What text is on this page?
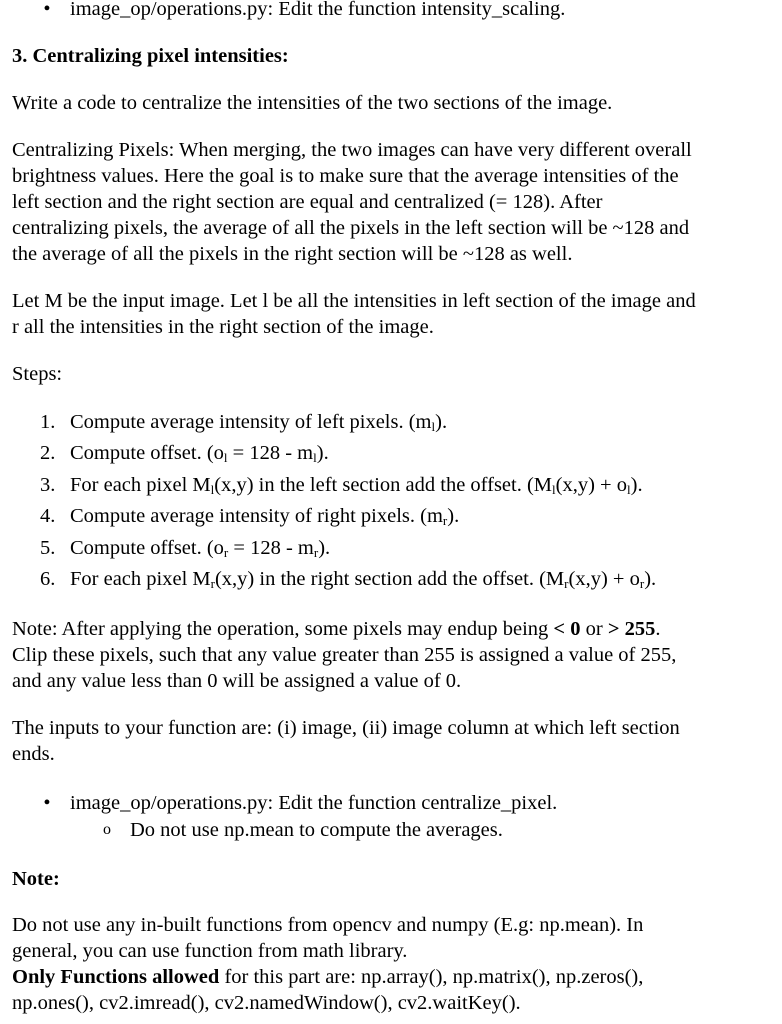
• image_op/operations.py: Edit the function intensity_scaling.
3. Centralizing pixel intensities:
Write a code to centralize the intensities of the two sections of the image.
Centralizing Pixels: When merging, the two images can have very different overall
brightness values. Here the goal is to make sure that the average intensities of the
left section and the right section are equal and centralized (= 128). After
centralizing pixels, the average of all the pixels in the left section will be ~128 and
the average of all the pixels in the right section will be ~128 as well.
Let M be the input image. Let l be all the intensities in left section of the image and
r all the intensities in the right section of the image.
Steps:
1. Compute average intensity of left pixels. $(m_l)$.
2. Compute offset. $(o_l = 128 - m_l)$.
3. For each pixel $M_l(x,y)$ in the left section add the offset. $(M_l(x,y) + o_l)$.
4. Compute average intensity of right pixels. $(m_r)$.
5. Compute offset. $(o_r = 128 - m_r)$.
6. For each pixel $M_r(x,y)$ in the right section add the offset. $(M_r(x,y) + o_r)$.
Note: After applying the operation, some pixels may endup being < 0 or > 255.
Clip these pixels, such that any value greater than 255 is assigned a value of 255,
and any value less than 0 will be assigned a value of 0.
The inputs to your function are: (i) image, (ii) image column at which left section
ends.
• image_op/operations.py: Edit the function centralize_pixel.
o Do not use np.mean to compute the averages.
Note:
Do not use any in-built functions from opencv and numpy (E.g: np.mean). In
general, you can use function from math library.
Only Functions allowed for this part are: np.array(), np.matrix(), np.zeros(),
np.ones(), cv2.imread(), cv2.namedWindow(), cv2.waitKey().
